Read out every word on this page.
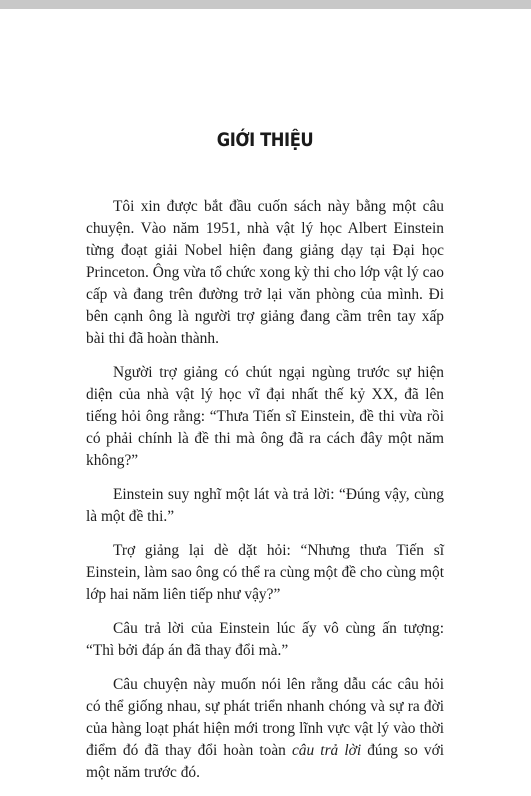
GIỚI THIỆU

Tôi xin được bắt đầu cuốn sách này bằng một câu chuyện. Vào năm 1951, nhà vật lý học Albert Einstein từng đoạt giải Nobel hiện đang giảng dạy tại Đại học Princeton. Ông vừa tổ chức xong kỳ thi cho lớp vật lý cao cấp và đang trên đường trở lại văn phòng của mình. Đi bên cạnh ông là người trợ giảng đang cầm trên tay xấp bài thi đã hoàn thành.

Người trợ giảng có chút ngại ngùng trước sự hiện diện của nhà vật lý học vĩ đại nhất thế kỷ XX, đã lên tiếng hỏi ông rằng: “Thưa Tiến sĩ Einstein, đề thi vừa rồi có phải chính là đề thi mà ông đã ra cách đây một năm không?”

Einstein suy nghĩ một lát và trả lời: “Đúng vậy, cùng là một đề thi.”

Trợ giảng lại dè dặt hỏi: “Nhưng thưa Tiến sĩ Einstein, làm sao ông có thể ra cùng một đề cho cùng một lớp hai năm liên tiếp như vậy?”

Câu trả lời của Einstein lúc ấy vô cùng ấn tượng: “Thì bởi đáp án đã thay đổi mà.”

Câu chuyện này muốn nói lên rằng dẫu các câu hỏi có thể giống nhau, sự phát triển nhanh chóng và sự ra đời của hàng loạt phát hiện mới trong lĩnh vực vật lý vào thời điểm đó đã thay đổi hoàn toàn câu trả lời đúng so với một năm trước đó.
